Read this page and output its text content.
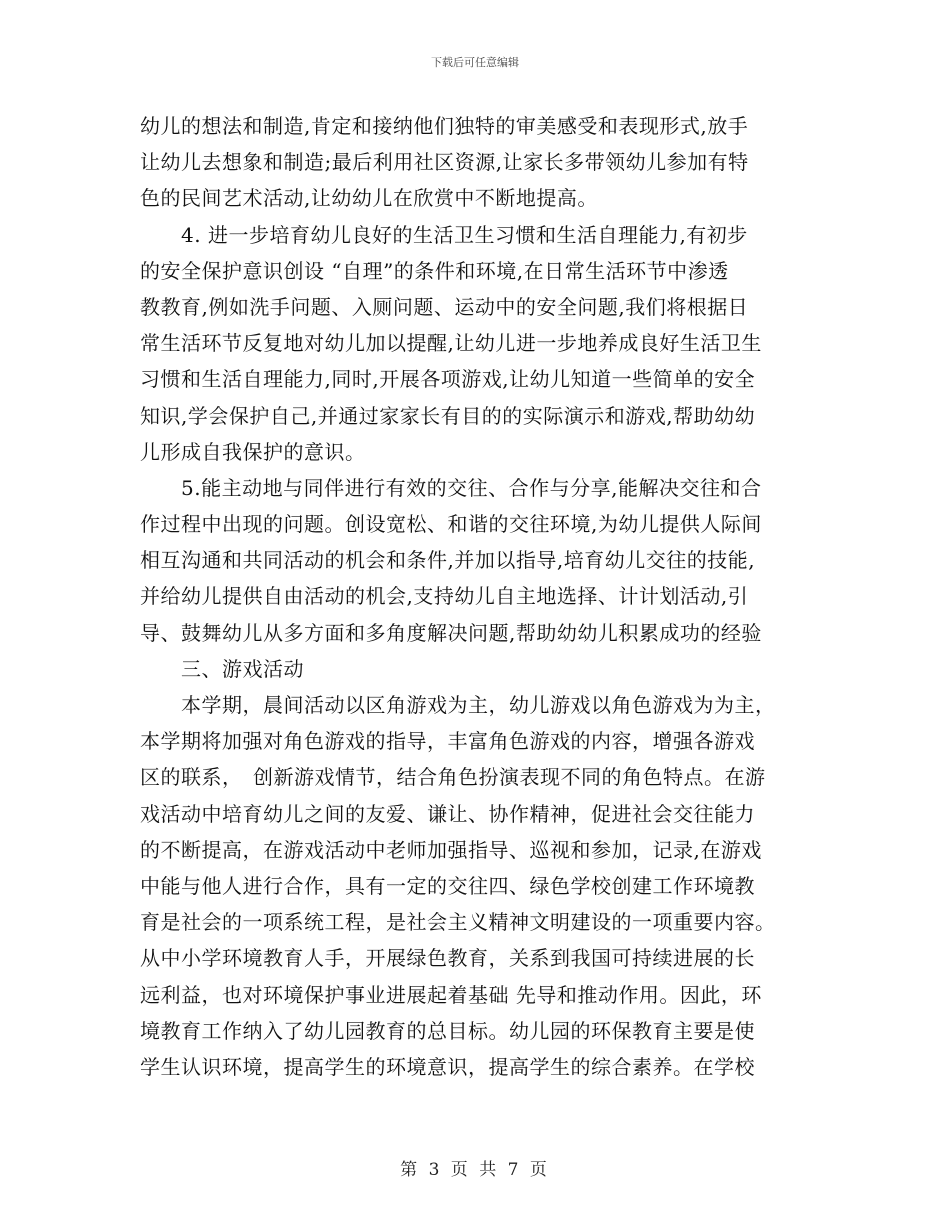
下载后可任意编辑
幼儿的想法和制造,肯定和接纳他们独特的审美感受和表现形式,放手
让幼儿去想象和制造;最后利用社区资源,让家长多带领幼儿参加有特
色的民间艺术活动,让幼幼儿在欣赏中不断地提高。
　　4. 进一步培育幼儿良好的生活卫生习惯和生活自理能力,有初步
的安全保护意识创设 “自理”的条件和环境,在日常生活环节中渗透
教教育,例如洗手问题、入厕问题、运动中的安全问题,我们将根据日
常生活环节反复地对幼儿加以提醒,让幼儿进一步地养成良好生活卫生
习惯和生活自理能力,同时,开展各项游戏,让幼儿知道一些简单的安全
知识,学会保护自己,并通过家家长有目的的实际演示和游戏,帮助幼幼
儿形成自我保护的意识。
　　5.能主动地与同伴进行有效的交往、合作与分享,能解决交往和合
作过程中出现的问题。创设宽松、和谐的交往环境,为幼儿提供人际间
相互沟通和共同活动的机会和条件,并加以指导,培育幼儿交往的技能,
并给幼儿提供自由活动的机会,支持幼儿自主地选择、计计划活动,引
导、鼓舞幼儿从多方面和多角度解决问题,帮助幼幼儿积累成功的经验
　　三、游戏活动
　　本学期，晨间活动以区角游戏为主，幼儿游戏以角色游戏为为主，
本学期将加强对角色游戏的指导，丰富角色游戏的内容，增强各游戏
区的联系，　创新游戏情节，结合角色扮演表现不同的角色特点。在游
戏活动中培育幼儿之间的友爱、谦让、协作精神，促进社会交往能力
的不断提高，在游戏活动中老师加强指导、巡视和参加，记录,在游戏
中能与他人进行合作，具有一定的交往四、绿色学校创建工作环境教
育是社会的一项系统工程，是社会主义精神文明建设的一项重要内容。
从中小学环境教育人手，开展绿色教育，关系到我国可持续进展的长
远利益，也对环境保护事业进展起着基础 先导和推动作用。因此，环
境教育工作纳入了幼儿园教育的总目标。幼儿园的环保教育主要是使
学生认识环境，提高学生的环境意识，提高学生的综合素养。在学校
第 3 页 共 7 页
